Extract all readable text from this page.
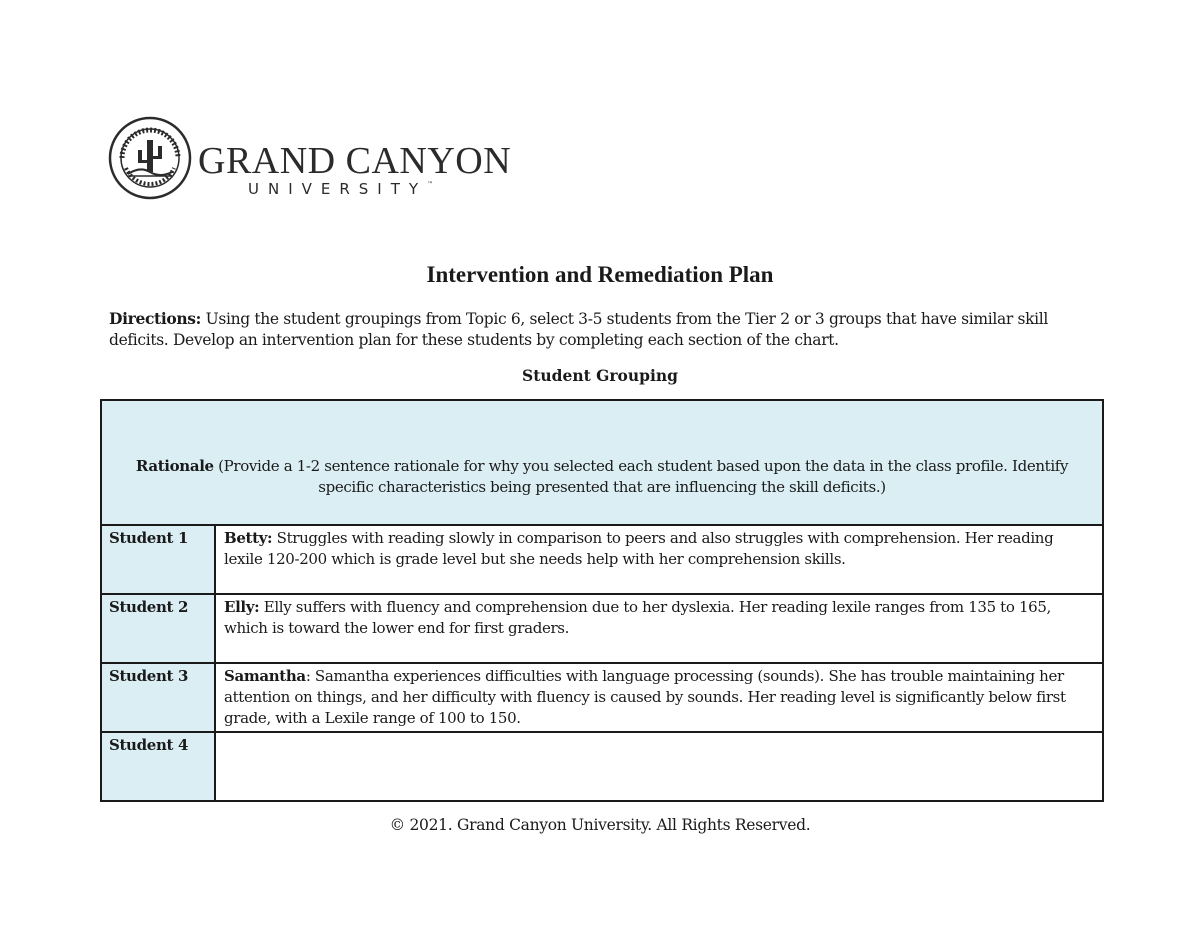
GRAND CANYON
UNIVERSITY™
Intervention and Remediation Plan
Directions: Using the student groupings from Topic 6, select 3-5 students from the Tier 2 or 3 groups that have similar skill deficits. Develop an intervention plan for these students by completing each section of the chart.
Student Grouping
Rationale (Provide a 1-2 sentence rationale for why you selected each student based upon the data in the class profile. Identify specific characteristics being presented that are influencing the skill deficits.)	
Student 1	Betty: Struggles with reading slowly in comparison to peers and also struggles with comprehension. Her reading lexile 120-200 which is grade level but she needs help with her comprehension skills.
Student 2	Elly: Elly suffers with fluency and comprehension due to her dyslexia. Her reading lexile ranges from 135 to 165, which is toward the lower end for first graders.
Student 3	Samantha: Samantha experiences difficulties with language processing (sounds). She has trouble maintaining her attention on things, and her difficulty with fluency is caused by sounds. Her reading level is significantly below first grade, with a Lexile range of 100 to 150.
Student 4	
© 2021. Grand Canyon University. All Rights Reserved.
